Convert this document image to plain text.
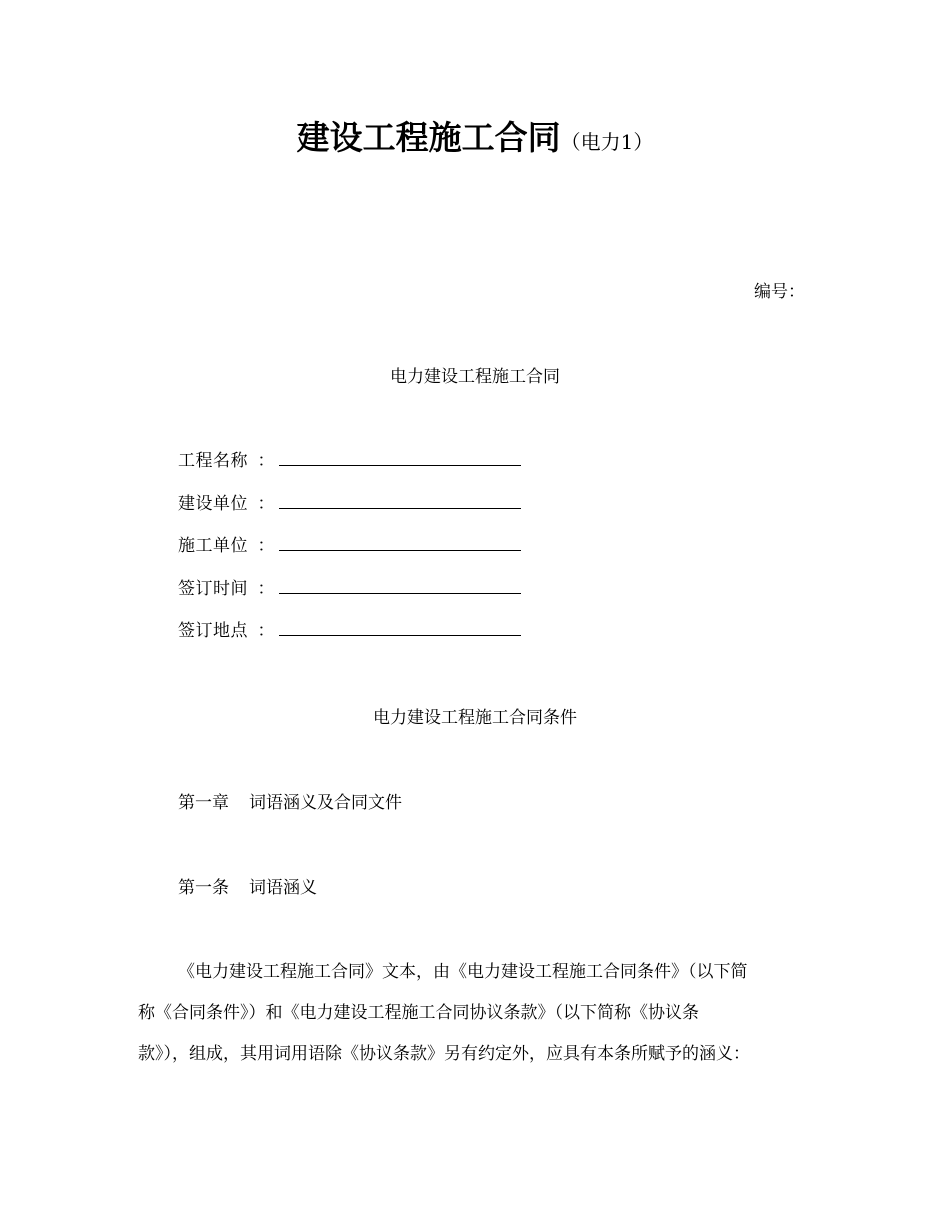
建设工程施工合同（电力1）
编号：
电力建设工程施工合同
工程名称 ：
建设单位 ：
施工单位 ：
签订时间 ：
签订地点 ：
电力建设工程施工合同条件
第一章 词语涵义及合同文件
第一条 词语涵义
《电力建设工程施工合同》文本，由《电力建设工程施工合同条件》（以下简
称《合同条件》）和《电力建设工程施工合同协议条款》（以下简称《协议条
款》），组成，其用词用语除《协议条款》另有约定外，应具有本条所赋予的涵义：
